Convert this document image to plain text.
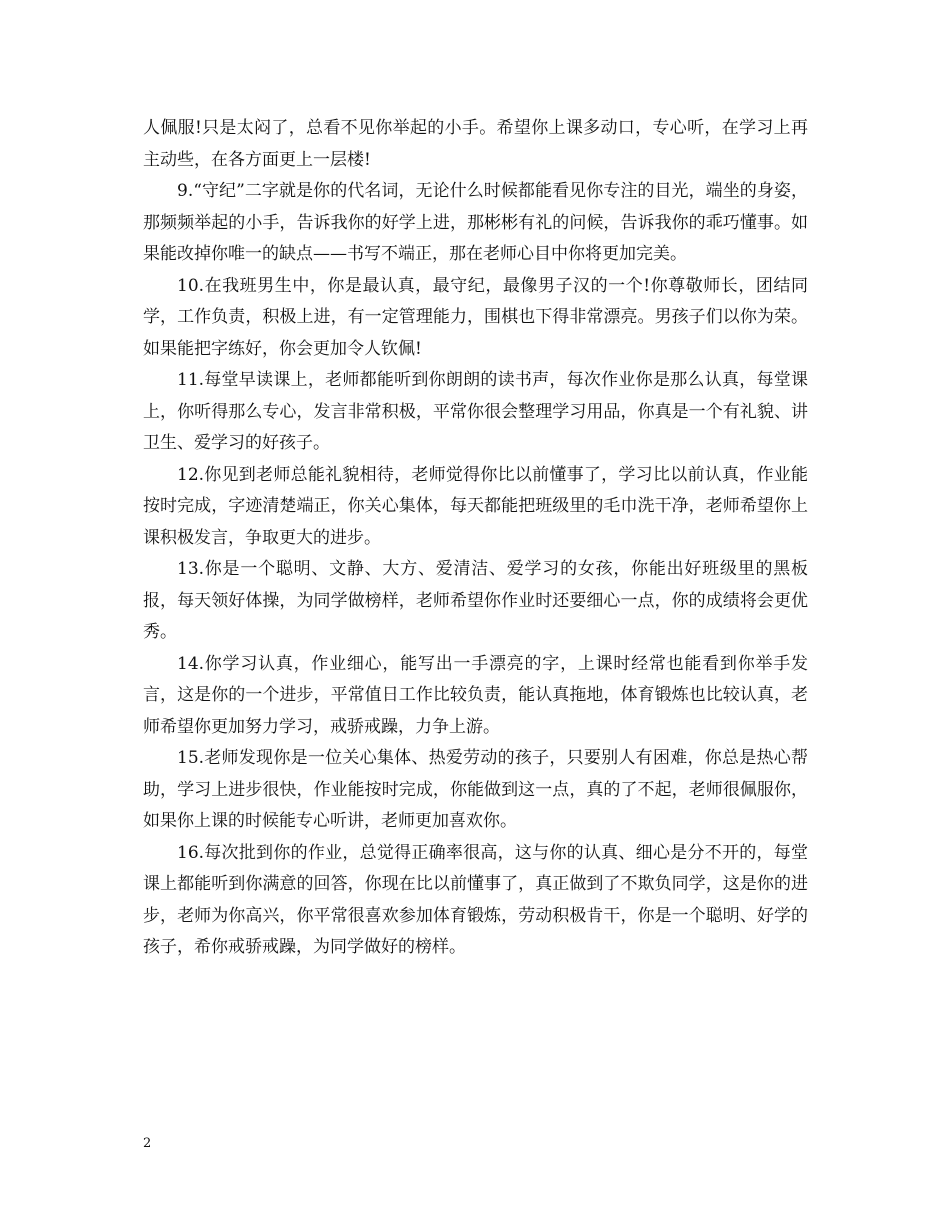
人佩服!只是太闷了，总看不见你举起的小手。希望你上课多动口，专心听，在学习上再主动些，在各方面更上一层楼!

9.“守纪”二字就是你的代名词，无论什么时候都能看见你专注的目光，端坐的身姿，那频频举起的小手，告诉我你的好学上进，那彬彬有礼的问候，告诉我你的乖巧懂事。如果能改掉你唯一的缺点——书写不端正，那在老师心目中你将更加完美。

10.在我班男生中，你是最认真，最守纪，最像男子汉的一个!你尊敬师长，团结同学，工作负责，积极上进，有一定管理能力，围棋也下得非常漂亮。男孩子们以你为荣。如果能把字练好，你会更加令人钦佩!

11.每堂早读课上，老师都能听到你朗朗的读书声，每次作业你是那么认真，每堂课上，你听得那么专心，发言非常积极，平常你很会整理学习用品，你真是一个有礼貌、讲卫生、爱学习的好孩子。

12.你见到老师总能礼貌相待，老师觉得你比以前懂事了，学习比以前认真，作业能按时完成，字迹清楚端正，你关心集体，每天都能把班级里的毛巾洗干净，老师希望你上课积极发言，争取更大的进步。

13.你是一个聪明、文静、大方、爱清洁、爱学习的女孩，你能出好班级里的黑板报，每天领好体操，为同学做榜样，老师希望你作业时还要细心一点，你的成绩将会更优秀。

14.你学习认真，作业细心，能写出一手漂亮的字，上课时经常也能看到你举手发言，这是你的一个进步，平常值日工作比较负责，能认真拖地，体育锻炼也比较认真，老师希望你更加努力学习，戒骄戒躁，力争上游。

15.老师发现你是一位关心集体、热爱劳动的孩子，只要别人有困难，你总是热心帮助，学习上进步很快，作业能按时完成，你能做到这一点，真的了不起，老师很佩服你，如果你上课的时候能专心听讲，老师更加喜欢你。

16.每次批到你的作业，总觉得正确率很高，这与你的认真、细心是分不开的，每堂课上都能听到你满意的回答，你现在比以前懂事了，真正做到了不欺负同学，这是你的进步，老师为你高兴，你平常很喜欢参加体育锻炼，劳动积极肯干，你是一个聪明、好学的孩子，希你戒骄戒躁，为同学做好的榜样。

2
